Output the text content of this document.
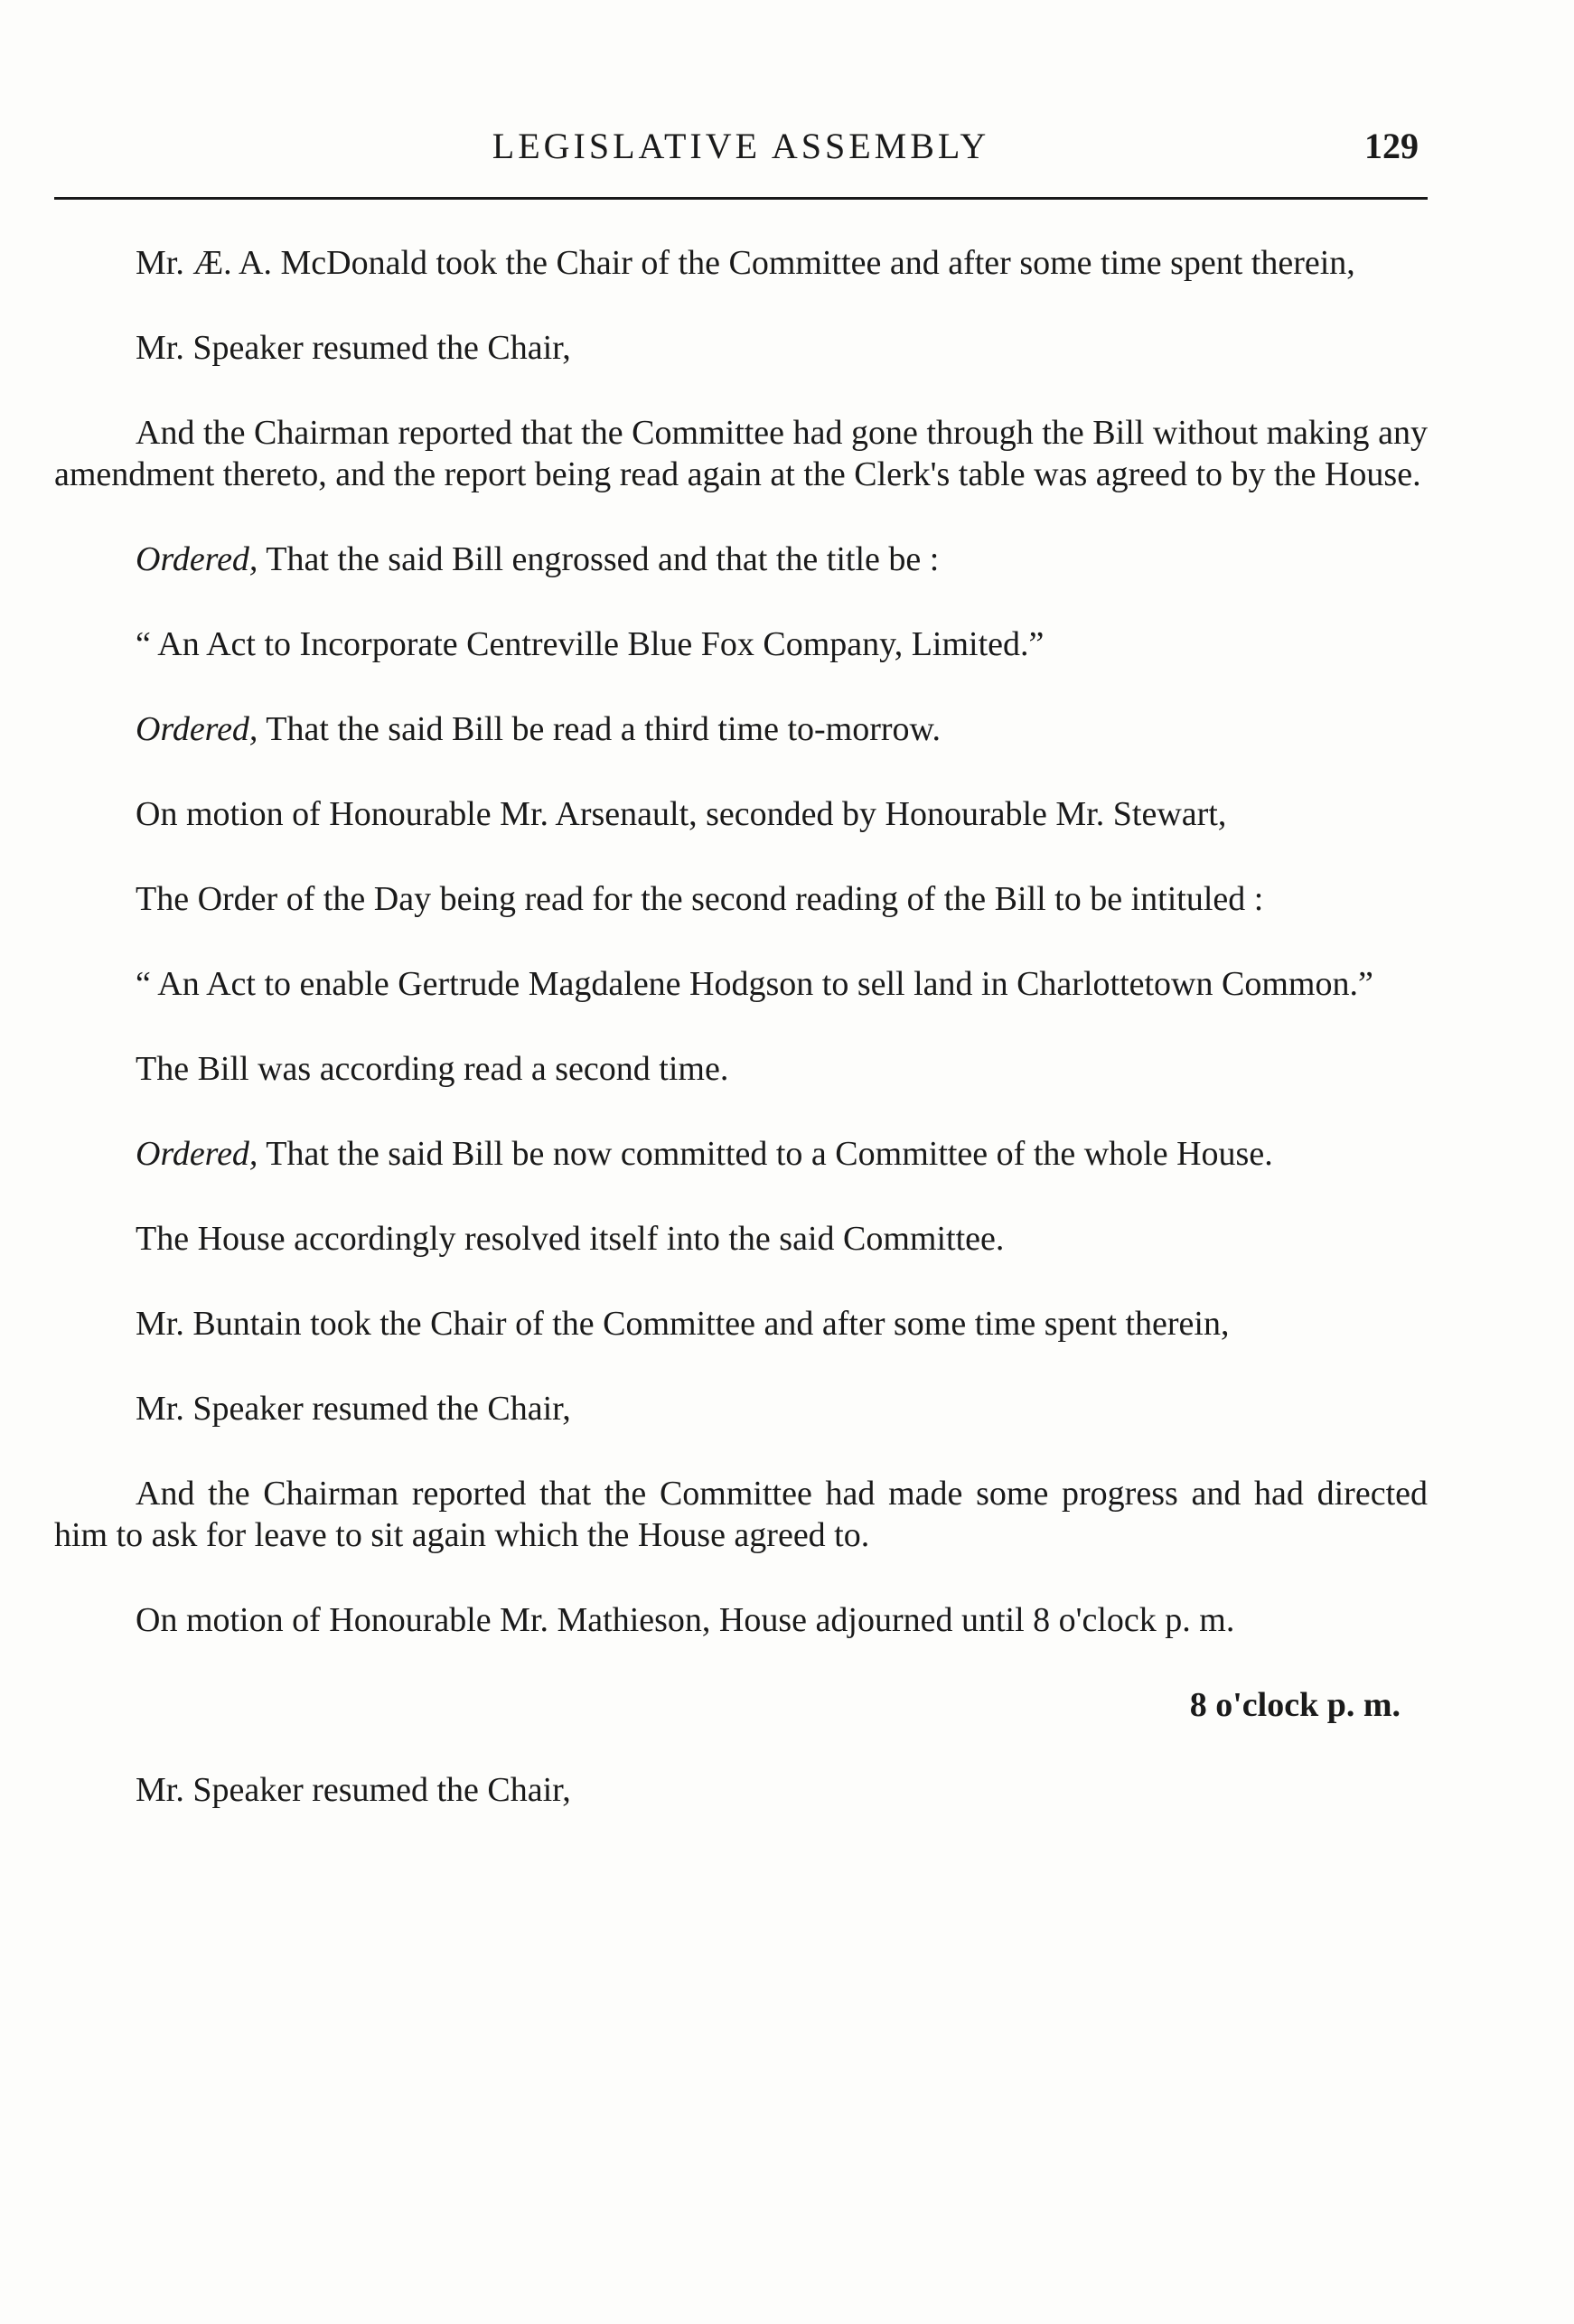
LEGISLATIVE ASSEMBLY	129

Mr. Æ. A. McDonald took the Chair of the Committee and after some time spent therein,

Mr. Speaker resumed the Chair,

And the Chairman reported that the Committee had gone through the Bill without making any amendment thereto, and the report being read again at the Clerk's table was agreed to by the House.

Ordered, That the said Bill engrossed and that the title be :

“ An Act to Incorporate Centreville Blue Fox Company, Limited.”

Ordered, That the said Bill be read a third time to-morrow.

On motion of Honourable Mr. Arsenault, seconded by Honourable Mr. Stewart,

The Order of the Day being read for the second reading of the Bill to be intituled :

“ An Act to enable Gertrude Magdalene Hodgson to sell land in Charlottetown Common.”

The Bill was according read a second time.

Ordered, That the said Bill be now committed to a Committee of the whole House.

The House accordingly resolved itself into the said Committee.

Mr. Buntain took the Chair of the Committee and after some time spent therein,

Mr. Speaker resumed the Chair,

And the Chairman reported that the Committee had made some progress and had directed him to ask for leave to sit again which the House agreed to.

On motion of Honourable Mr. Mathieson, House adjourned until 8 o'clock p. m.

8 o'clock p. m.

Mr. Speaker resumed the Chair,
